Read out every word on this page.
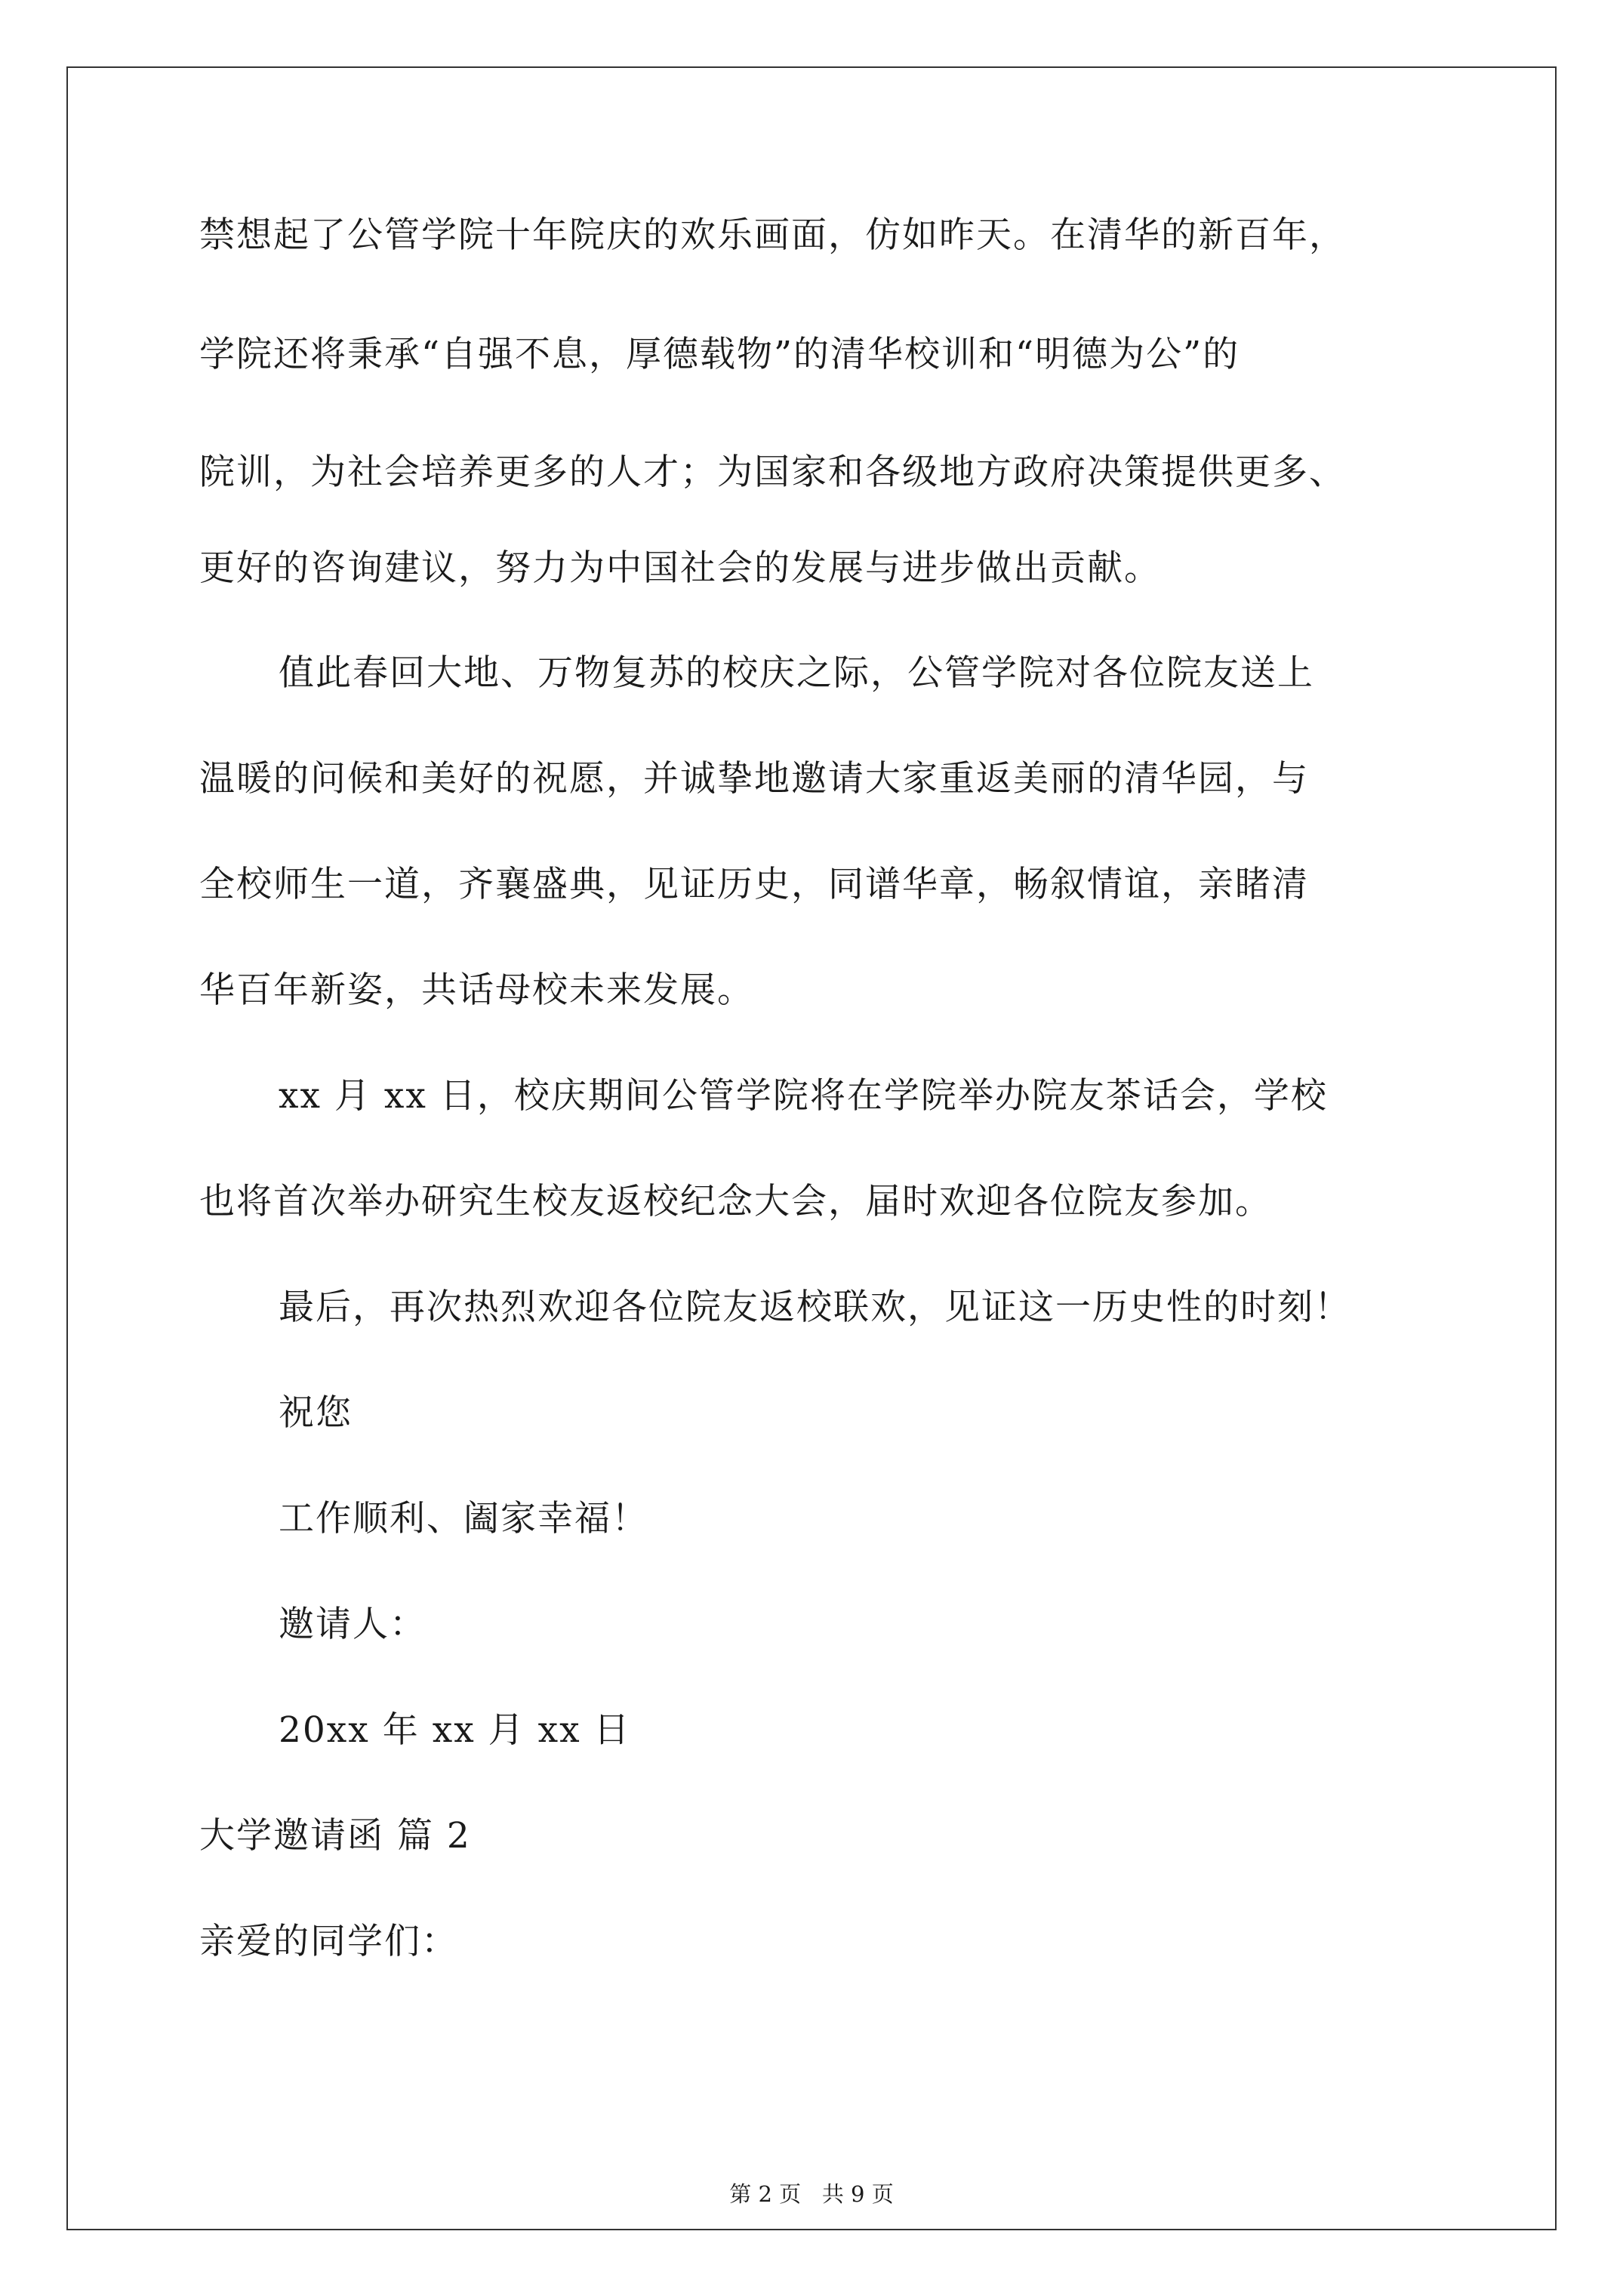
禁想起了公管学院十年院庆的欢乐画面，仿如昨天。在清华的新百年，
学院还将秉承“自强不息，厚德载物”的清华校训和“明德为公”的
院训，为社会培养更多的人才；为国家和各级地方政府决策提供更多、
更好的咨询建议，努力为中国社会的发展与进步做出贡献。
值此春回大地、万物复苏的校庆之际，公管学院对各位院友送上
温暖的问候和美好的祝愿，并诚挚地邀请大家重返美丽的清华园，与
全校师生一道，齐襄盛典，见证历史，同谱华章，畅叙情谊，亲睹清
华百年新姿，共话母校未来发展。
xx 月 xx 日，校庆期间公管学院将在学院举办院友茶话会，学校
也将首次举办研究生校友返校纪念大会，届时欢迎各位院友参加。
最后，再次热烈欢迎各位院友返校联欢，见证这一历史性的时刻！
祝您
工作顺利、阖家幸福！
邀请人：
20xx 年 xx 月 xx 日
大学邀请函 篇 2
亲爱的同学们：
第 2 页   共 9 页
